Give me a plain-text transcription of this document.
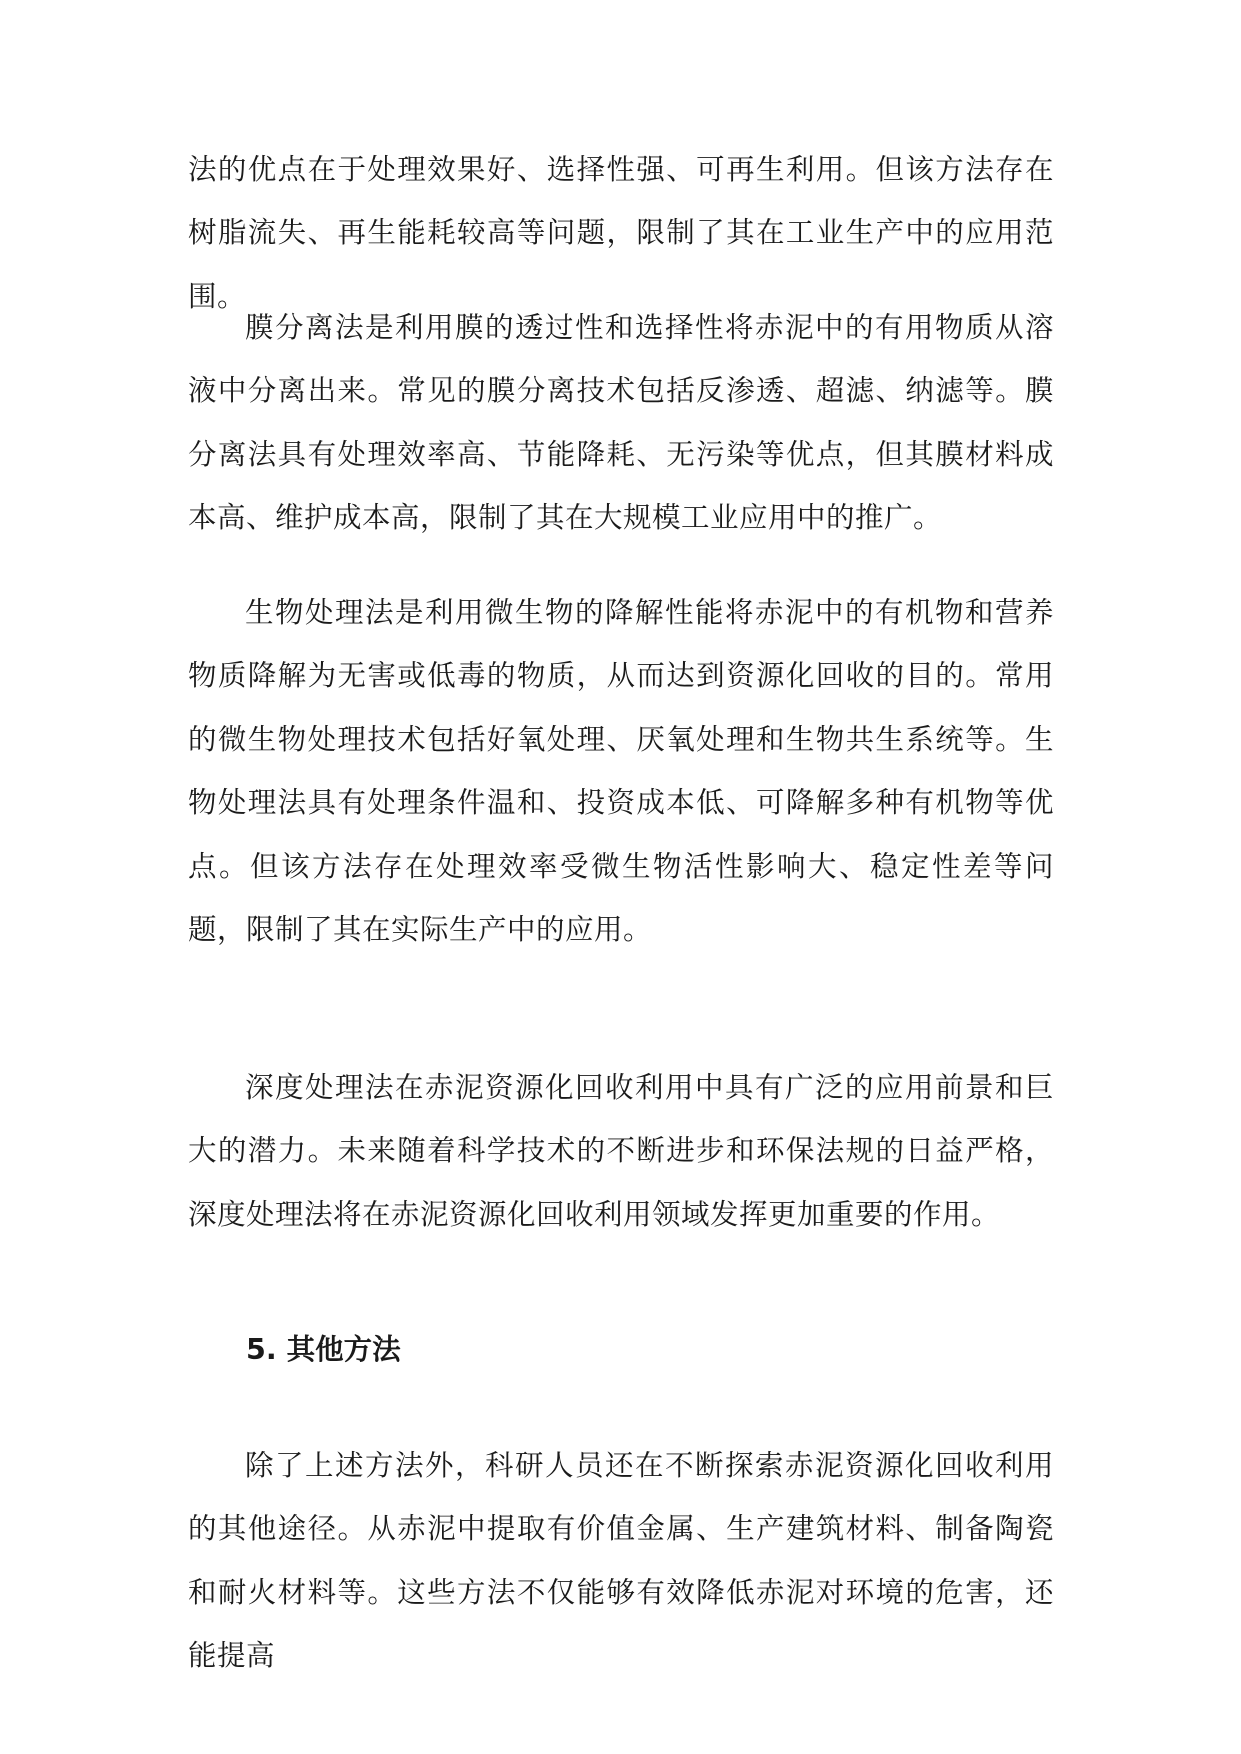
法的优点在于处理效果好、选择性强、可再生利用。但该方法存在树脂流失、再生能耗较高等问题，限制了其在工业生产中的应用范围。

膜分离法是利用膜的透过性和选择性将赤泥中的有用物质从溶液中分离出来。常见的膜分离技术包括反渗透、超滤、纳滤等。膜分离法具有处理效率高、节能降耗、无污染等优点，但其膜材料成本高、维护成本高，限制了其在大规模工业应用中的推广。

生物处理法是利用微生物的降解性能将赤泥中的有机物和营养物质降解为无害或低毒的物质，从而达到资源化回收的目的。常用的微生物处理技术包括好氧处理、厌氧处理和生物共生系统等。生物处理法具有处理条件温和、投资成本低、可降解多种有机物等优点。但该方法存在处理效率受微生物活性影响大、稳定性差等问题，限制了其在实际生产中的应用。

深度处理法在赤泥资源化回收利用中具有广泛的应用前景和巨大的潜力。未来随着科学技术的不断进步和环保法规的日益严格，深度处理法将在赤泥资源化回收利用领域发挥更加重要的作用。

5. 其他方法

除了上述方法外，科研人员还在不断探索赤泥资源化回收利用的其他途径。从赤泥中提取有价值金属、生产建筑材料、制备陶瓷和耐火材料等。这些方法不仅能够有效降低赤泥对环境的危害，还能提高
